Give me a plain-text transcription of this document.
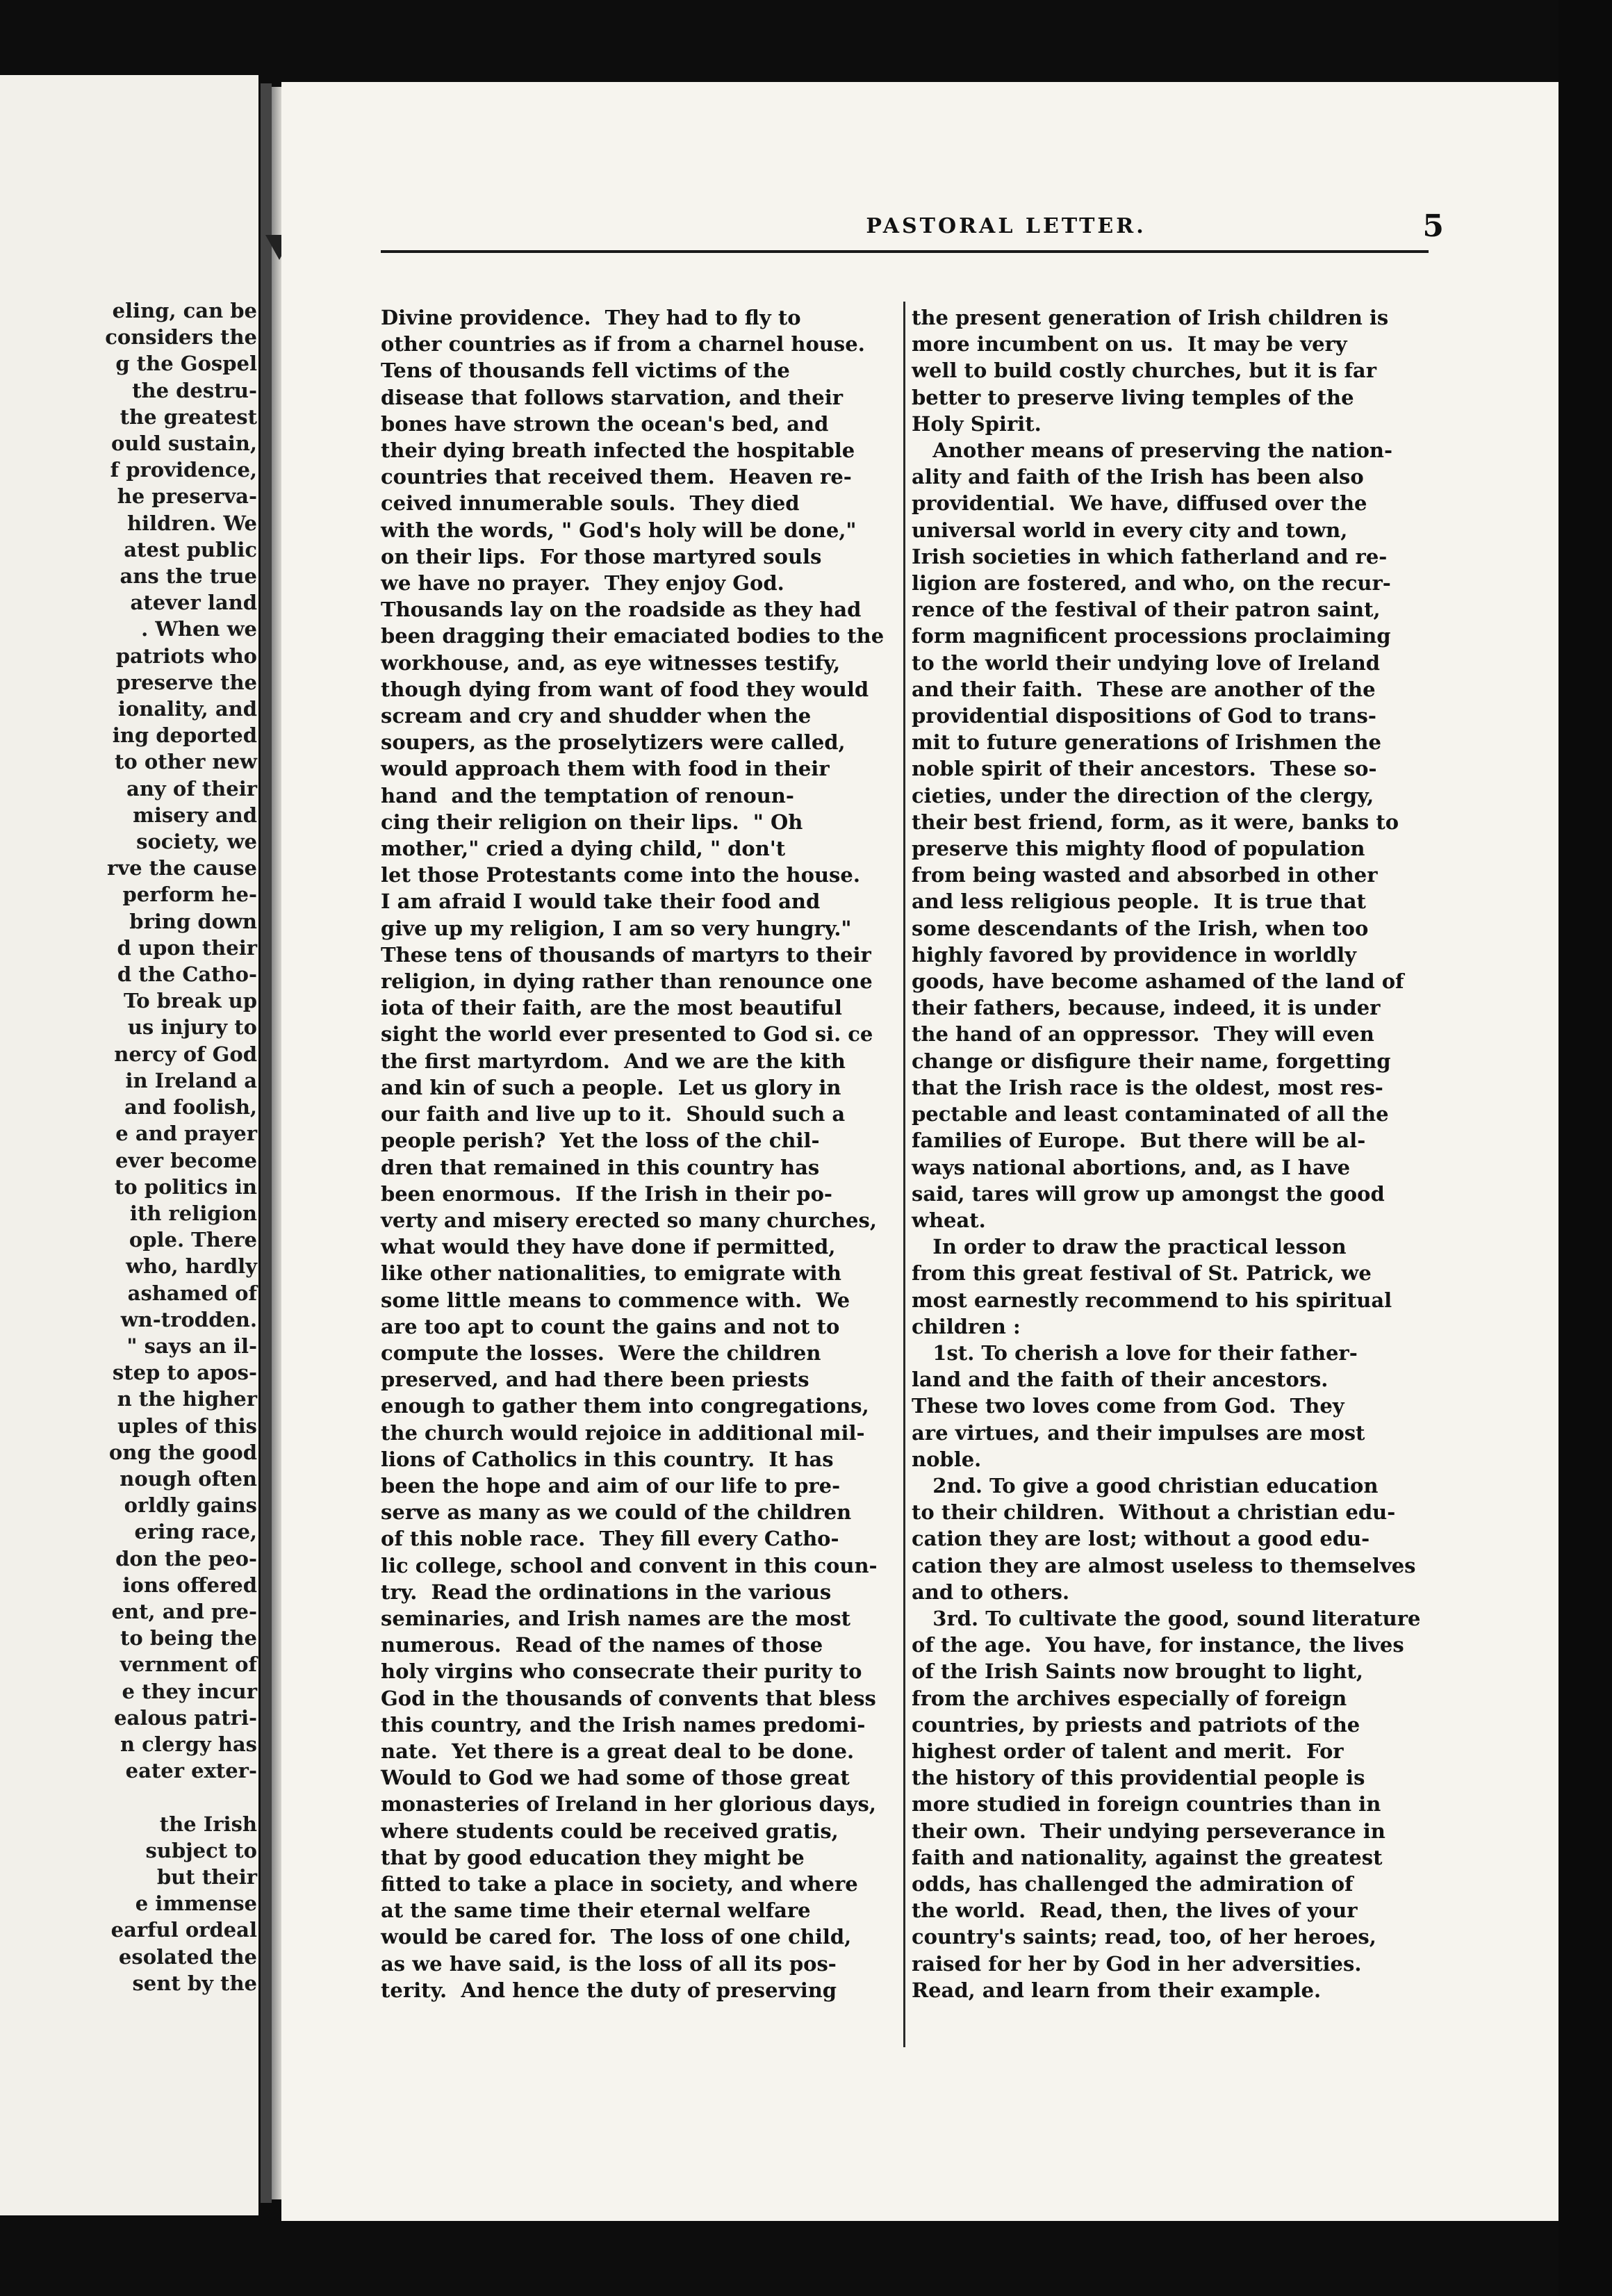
eling, can be
considers the
g the Gospel
the destru-
the greatest
ould sustain,
f providence,
he preserva-
hildren. We
atest public
ans the true
atever land
. When we
patriots who
preserve the
ionality, and
ing deported
to other new
any of their
misery and
society, we
rve the cause
perform he-
bring down
d upon their
d the Catho-
To break up
us injury to
nercy of God
in Ireland a
and foolish,
e and prayer
ever become
to politics in
ith religion
ople. There
who, hardly
ashamed of
wn-trodden.
" says an il-
step to apos-
n the higher
uples of this
ong the good
nough often
orldly gains
ering race,
don the peo-
ions offered
ent, and pre-
to being the
vernment of
e they incur
ealous patri-
n clergy has
eater exter-

the Irish
subject to
but their
e immense
earful ordeal
esolated the
sent by the
PASTORAL LETTER.	5
Divine providence.  They had to fly to
other countries as if from a charnel house.
Tens of thousands fell victims of the
disease that follows starvation, and their
bones have strown the ocean's bed, and
their dying breath infected the hospitable
countries that received them.  Heaven re-
ceived innumerable souls.  They died
with the words, " God's holy will be done,"
on their lips.  For those martyred souls
we have no prayer.  They enjoy God.
Thousands lay on the roadside as they had
been dragging their emaciated bodies to the
workhouse, and, as eye witnesses testify,
though dying from want of food they would
scream and cry and shudder when the
soupers, as the proselytizers were called,
would approach them with food in their
hand  and the temptation of renoun-
cing their religion on their lips.  " Oh
mother," cried a dying child, " don't
let those Protestants come into the house.
I am afraid I would take their food and
give up my religion, I am so very hungry."
These tens of thousands of martyrs to their
religion, in dying rather than renounce one
iota of their faith, are the most beautiful
sight the world ever presented to God si. ce
the first martyrdom.  And we are the kith
and kin of such a people.  Let us glory in
our faith and live up to it.  Should such a
people perish?  Yet the loss of the chil-
dren that remained in this country has
been enormous.  If the Irish in their po-
verty and misery erected so many churches,
what would they have done if permitted,
like other nationalities, to emigrate with
some little means to commence with.  We
are too apt to count the gains and not to
compute the losses.  Were the children
preserved, and had there been priests
enough to gather them into congregations,
the church would rejoice in additional mil-
lions of Catholics in this country.  It has
been the hope and aim of our life to pre-
serve as many as we could of the children
of this noble race.  They fill every Catho-
lic college, school and convent in this coun-
try.  Read the ordinations in the various
seminaries, and Irish names are the most
numerous.  Read of the names of those
holy virgins who consecrate their purity to
God in the thousands of convents that bless
this country, and the Irish names predomi-
nate.  Yet there is a great deal to be done.
Would to God we had some of those great
monasteries of Ireland in her glorious days,
where students could be received gratis,
that by good education they might be
fitted to take a place in society, and where
at the same time their eternal welfare
would be cared for.  The loss of one child,
as we have said, is the loss of all its pos-
terity.  And hence the duty of preserving
the present generation of Irish children is
more incumbent on us.  It may be very
well to build costly churches, but it is far
better to preserve living temples of the
Holy Spirit.
Another means of preserving the nation-
ality and faith of the Irish has been also
providential.  We have, diffused over the
universal world in every city and town,
Irish societies in which fatherland and re-
ligion are fostered, and who, on the recur-
rence of the festival of their patron saint,
form magnificent processions proclaiming
to the world their undying love of Ireland
and their faith.  These are another of the
providential dispositions of God to trans-
mit to future generations of Irishmen the
noble spirit of their ancestors.  These so-
cieties, under the direction of the clergy,
their best friend, form, as it were, banks to
preserve this mighty flood of population
from being wasted and absorbed in other
and less religious people.  It is true that
some descendants of the Irish, when too
highly favored by providence in worldly
goods, have become ashamed of the land of
their fathers, because, indeed, it is under
the hand of an oppressor.  They will even
change or disfigure their name, forgetting
that the Irish race is the oldest, most res-
pectable and least contaminated of all the
families of Europe.  But there will be al-
ways national abortions, and, as I have
said, tares will grow up amongst the good
wheat.
In order to draw the practical lesson
from this great festival of St. Patrick, we
most earnestly recommend to his spiritual
children :
1st. To cherish a love for their father-
land and the faith of their ancestors.
These two loves come from God.  They
are virtues, and their impulses are most
noble.
2nd. To give a good christian education
to their children.  Without a christian edu-
cation they are lost; without a good edu-
cation they are almost useless to themselves
and to others.
3rd. To cultivate the good, sound literature
of the age.  You have, for instance, the lives
of the Irish Saints now brought to light,
from the archives especially of foreign
countries, by priests and patriots of the
highest order of talent and merit.  For
the history of this providential people is
more studied in foreign countries than in
their own.  Their undying perseverance in
faith and nationality, against the greatest
odds, has challenged the admiration of
the world.  Read, then, the lives of your
country's saints; read, too, of her heroes,
raised for her by God in her adversities.
Read, and learn from their example.
